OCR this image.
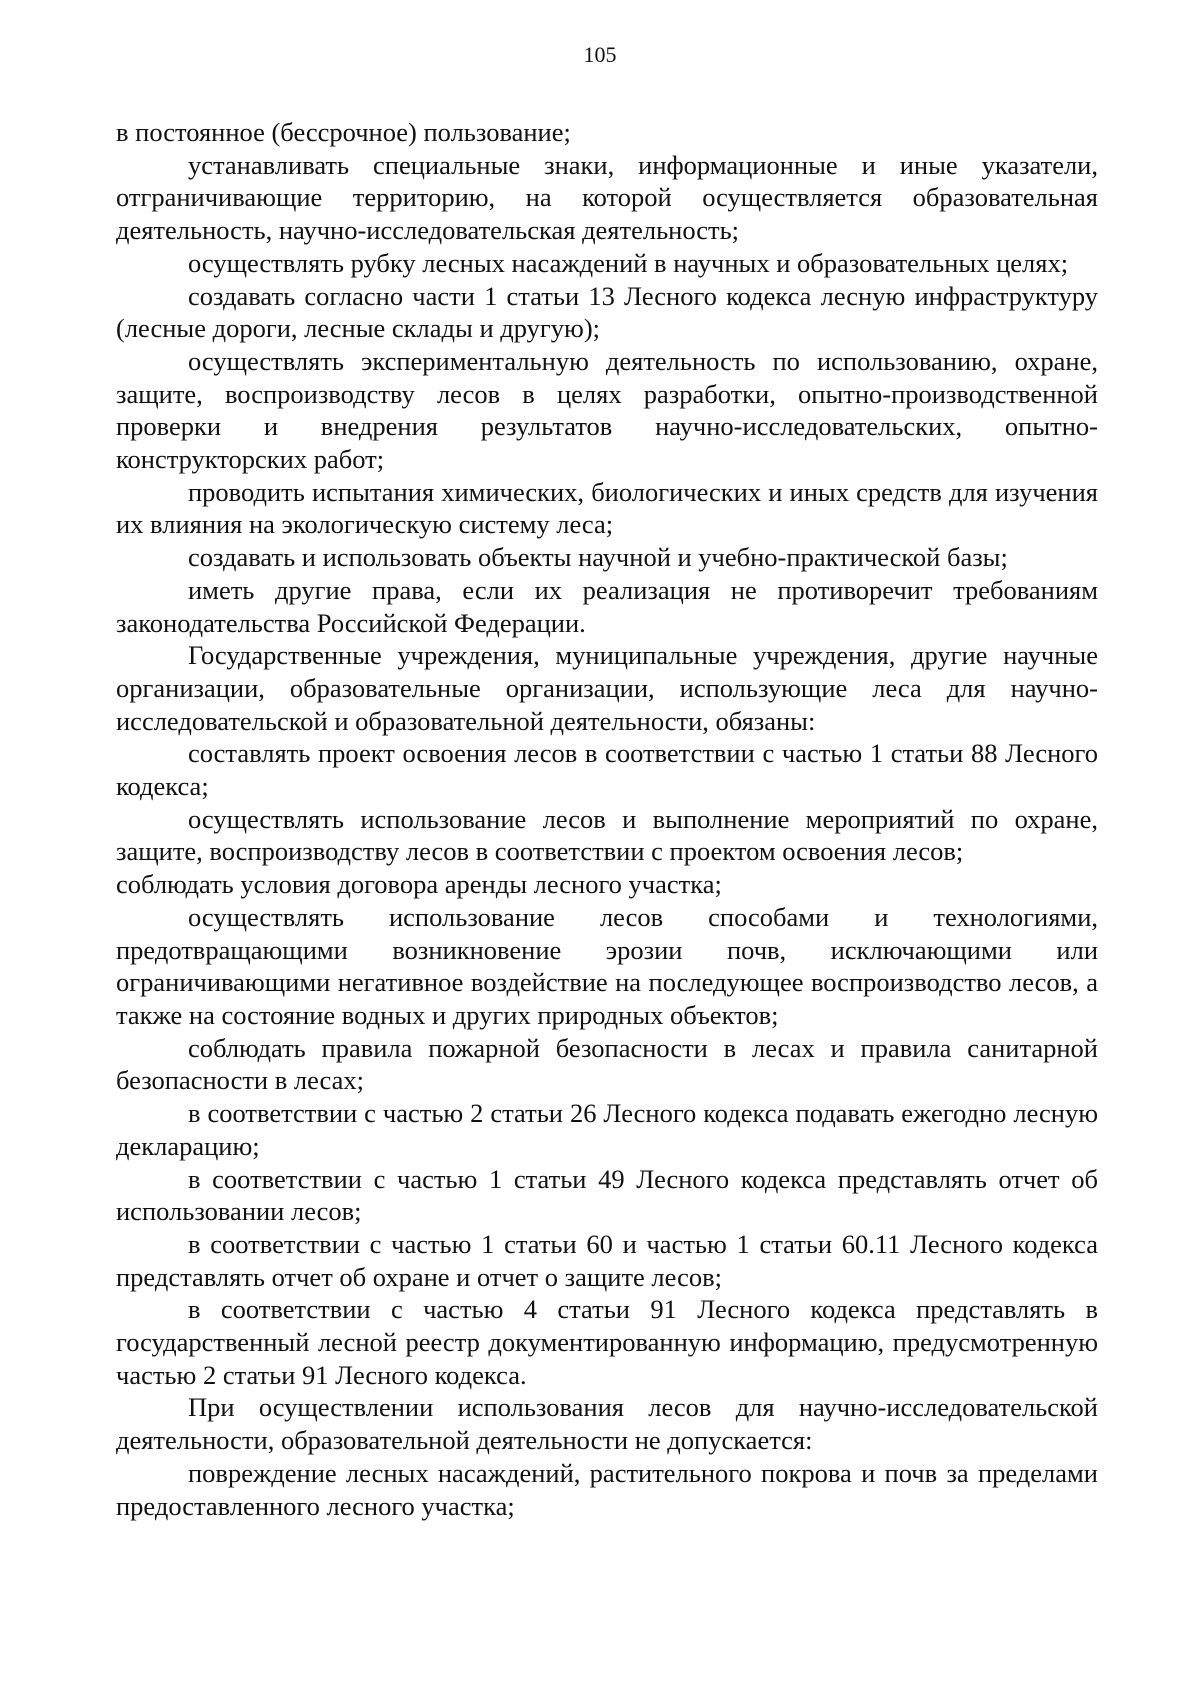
105

в постоянное (бессрочное) пользование;

устанавливать специальные знаки, информационные и иные указатели, отграничивающие территорию, на которой осуществляется образовательная деятельность, научно-исследовательская деятельность;

осуществлять рубку лесных насаждений в научных и образовательных целях;

создавать согласно части 1 статьи 13 Лесного кодекса лесную инфраструктуру (лесные дороги, лесные склады и другую);

осуществлять экспериментальную деятельность по использованию, охране, защите, воспроизводству лесов в целях разработки, опытно-производственной проверки и внедрения результатов научно-исследовательских, опытно-конструкторских работ;

проводить испытания химических, биологических и иных средств для изучения их влияния на экологическую систему леса;

создавать и использовать объекты научной и учебно-практической базы;

иметь другие права, если их реализация не противоречит требованиям законодательства Российской Федерации.

Государственные учреждения, муниципальные учреждения, другие научные организации, образовательные организации, использующие леса для научно-исследовательской и образовательной деятельности, обязаны:

составлять проект освоения лесов в соответствии с частью 1 статьи 88 Лесного кодекса;

осуществлять использование лесов и выполнение мероприятий по охране, защите, воспроизводству лесов в соответствии с проектом освоения лесов;

соблюдать условия договора аренды лесного участка;

осуществлять использование лесов способами и технологиями, предотвращающими возникновение эрозии почв, исключающими или ограничивающими негативное воздействие на последующее воспроизводство лесов, а также на состояние водных и других природных объектов;

соблюдать правила пожарной безопасности в лесах и правила санитарной безопасности в лесах;

в соответствии с частью 2 статьи 26 Лесного кодекса подавать ежегодно лесную декларацию;

в соответствии с частью 1 статьи 49 Лесного кодекса представлять отчет об использовании лесов;

в соответствии с частью 1 статьи 60 и частью 1 статьи 60.11 Лесного кодекса представлять отчет об охране и отчет о защите лесов;

в соответствии с частью 4 статьи 91 Лесного кодекса представлять в государственный лесной реестр документированную информацию, предусмотренную частью 2 статьи 91 Лесного кодекса.

При осуществлении использования лесов для научно-исследовательской деятельности, образовательной деятельности не допускается:

повреждение лесных насаждений, растительного покрова и почв за пределами предоставленного лесного участка;
